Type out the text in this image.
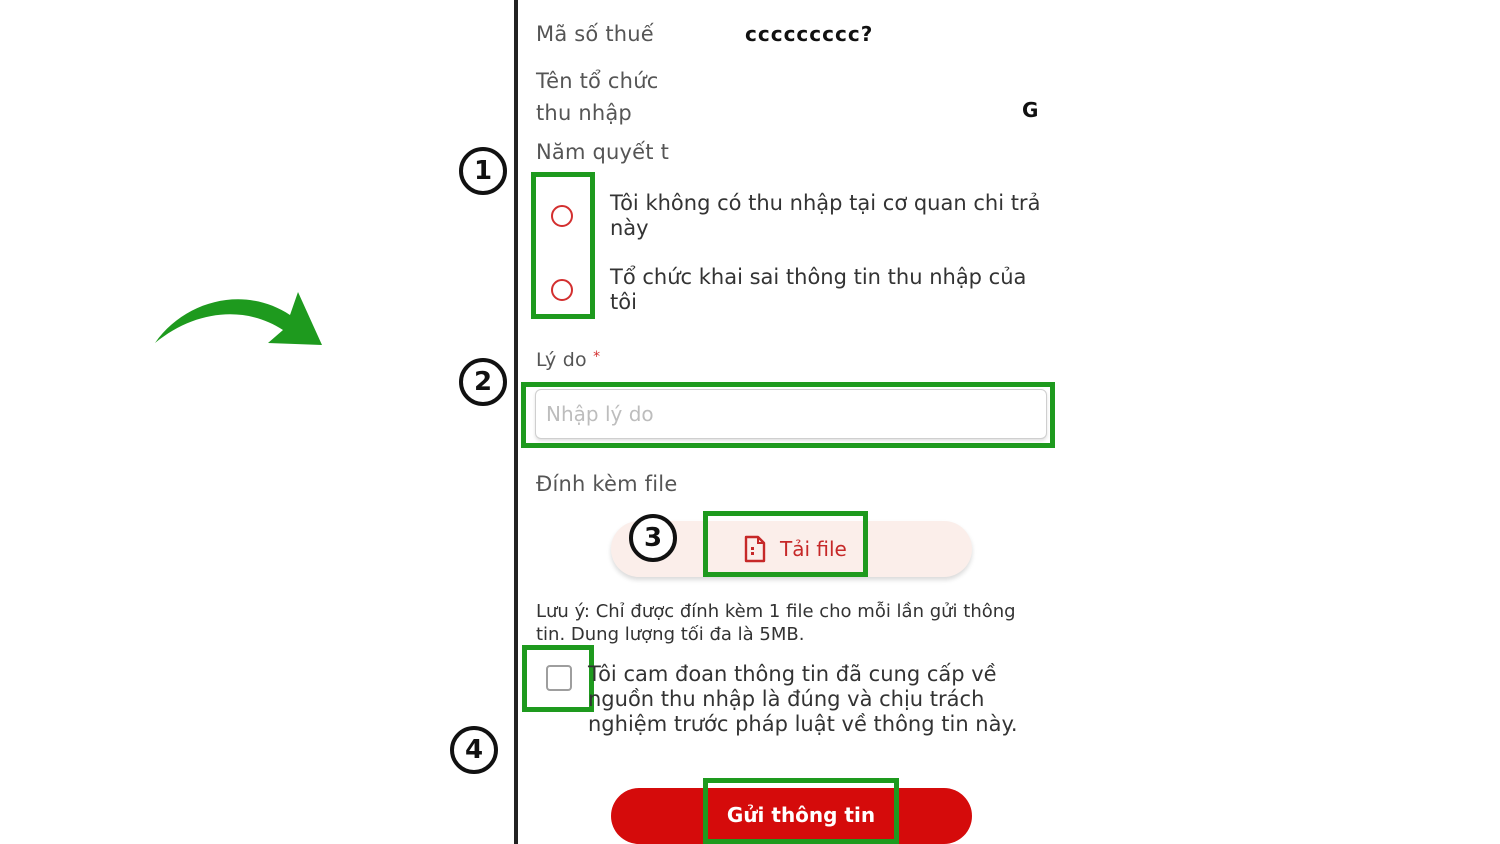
Mã số thuế	ccccccccc?
Tên tổ chức
thu nhập	G
Năm quyết t
1
Tôi không có thu nhập tại cơ quan chi trả này
Tổ chức khai sai thông tin thu nhập của tôi
Lý do *
2
Nhập lý do
Đính kèm file
3	Tải file
Lưu ý: Chỉ được đính kèm 1 file cho mỗi lần gửi thông tin. Dung lượng tối đa là 5MB.
Tôi cam đoan thông tin đã cung cấp về nguồn thu nhập là đúng và chịu trách nghiệm trước pháp luật về thông tin này.
4
Gửi thông tin
